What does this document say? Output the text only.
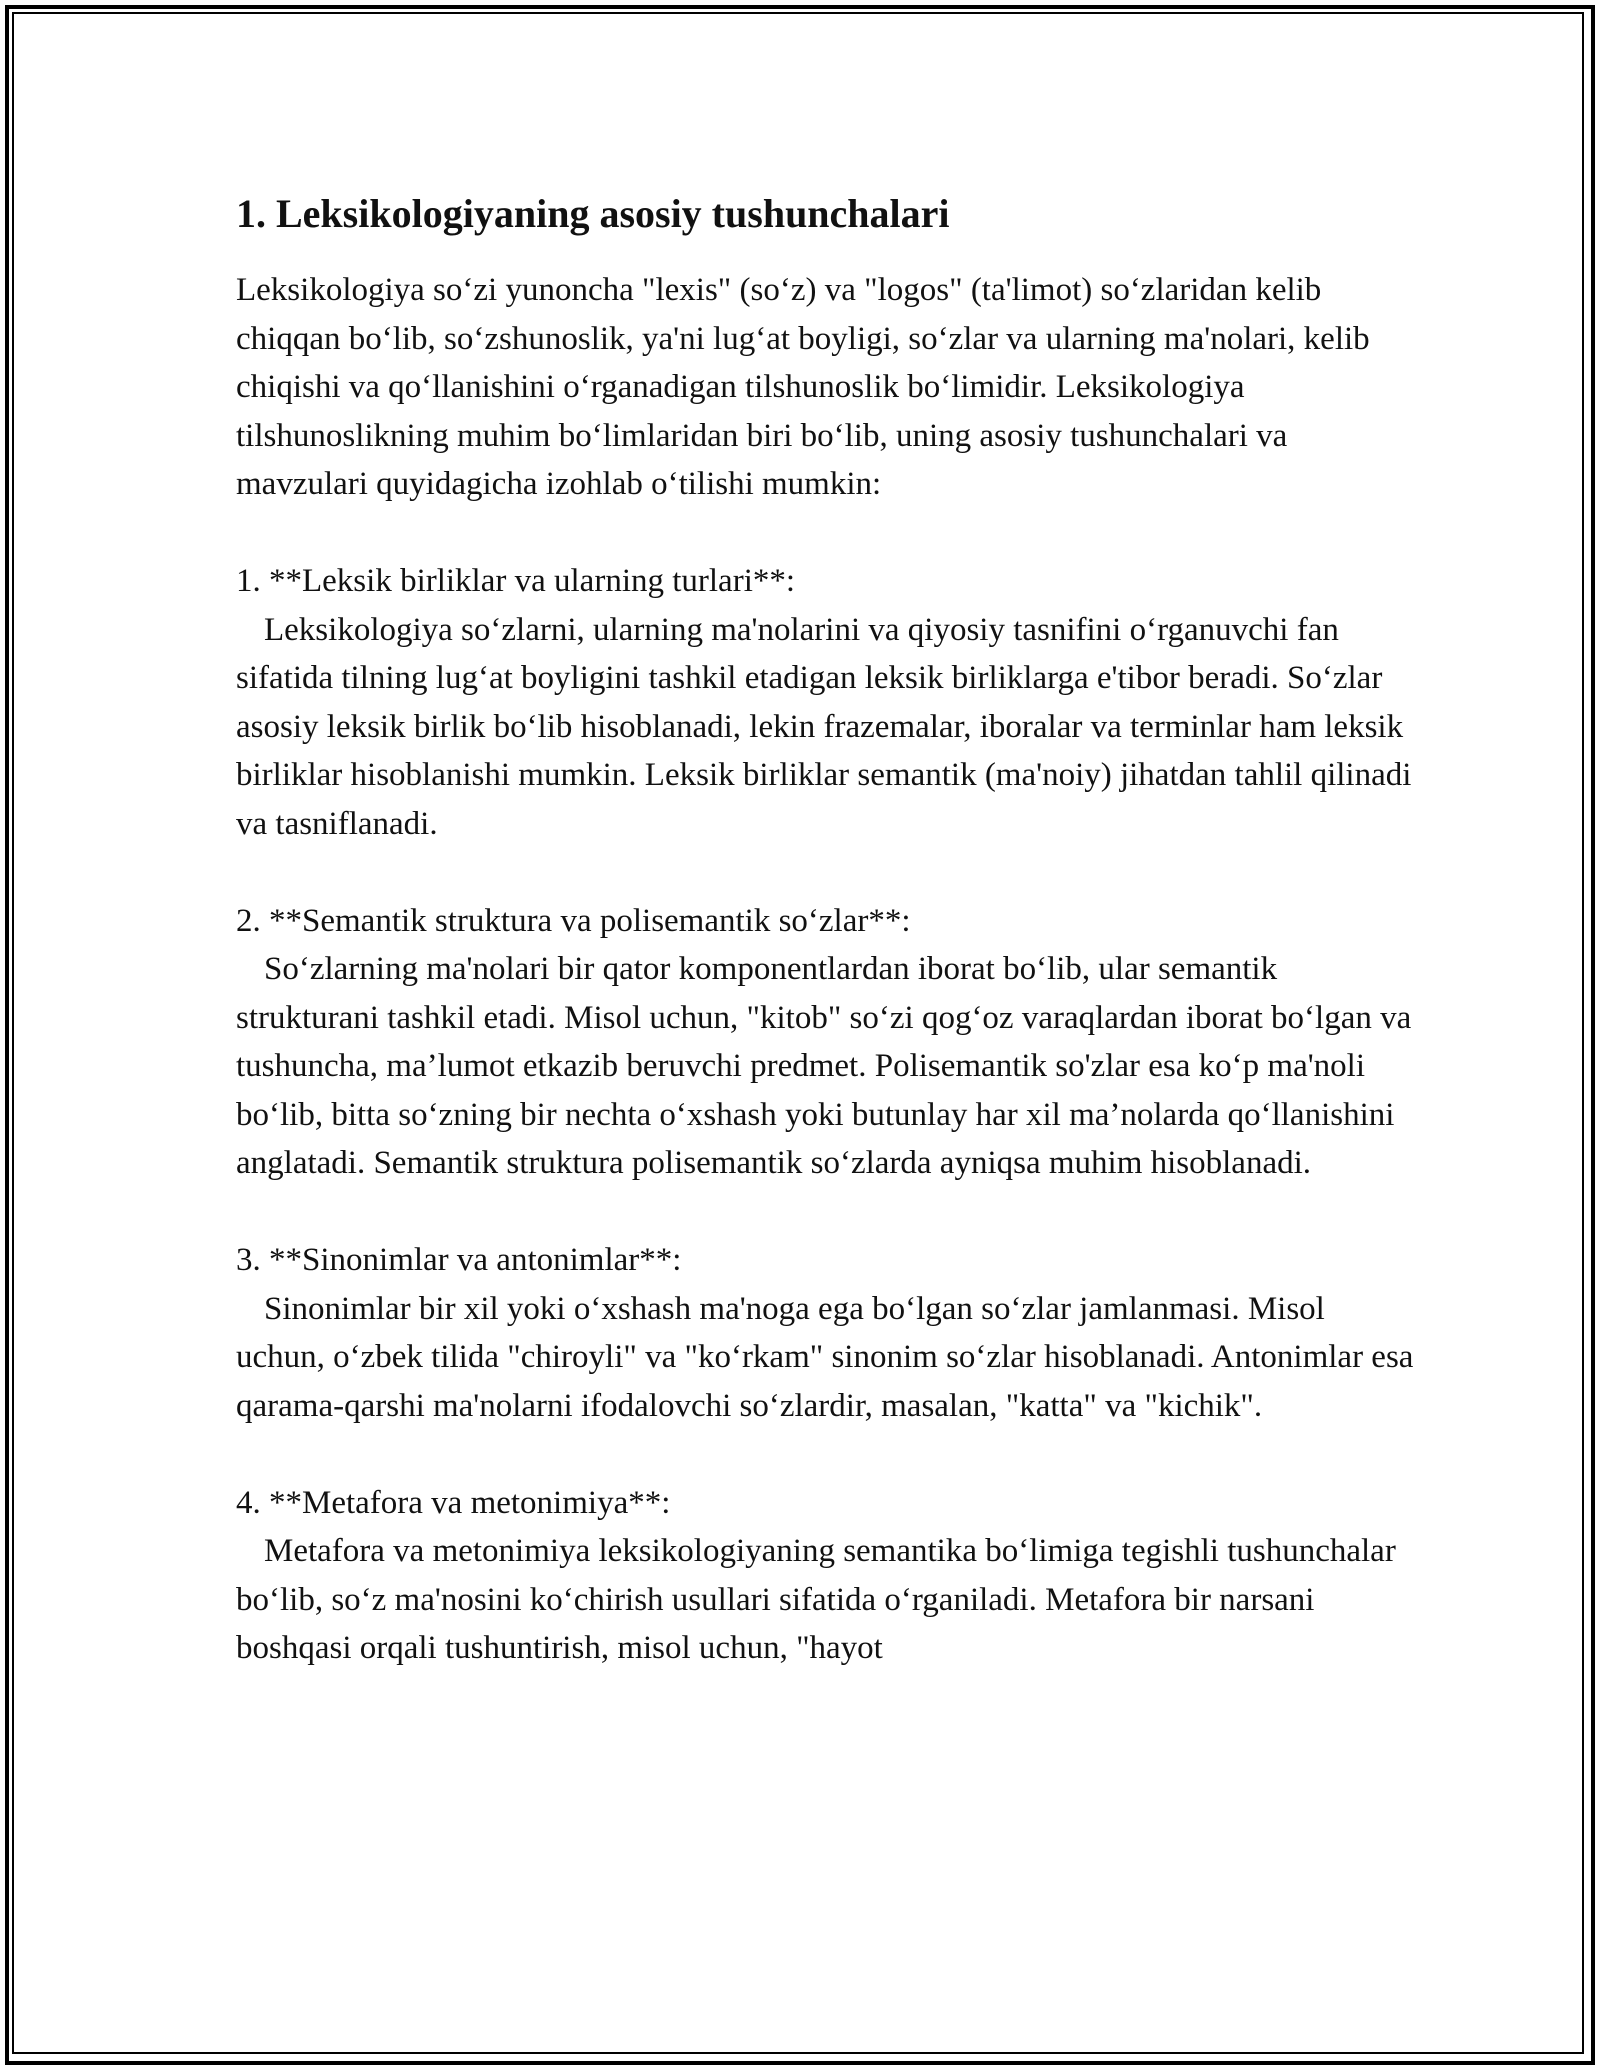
1. Leksikologiyaning asosiy tushunchalari

Leksikologiya so‘zi yunoncha "lexis" (so‘z) va "logos" (ta'limot) so‘zlaridan kelib chiqqan bo‘lib, so‘zshunoslik, ya'ni lug‘at boyligi, so‘zlar va ularning ma'nolari, kelib chiqishi va qo‘llanishini o‘rganadigan tilshunoslik bo‘limidir. Leksikologiya tilshunoslikning muhim bo‘limlaridan biri bo‘lib, uning asosiy tushunchalari va mavzulari quyidagicha izohlab o‘tilishi mumkin:

1. **Leksik birliklar va ularning turlari**:

Leksikologiya so‘zlarni, ularning ma'nolarini va qiyosiy tasnifini o‘rganuvchi fan sifatida tilning lug‘at boyligini tashkil etadigan leksik birliklarga e'tibor beradi. So‘zlar asosiy leksik birlik bo‘lib hisoblanadi, lekin frazemalar, iboralar va terminlar ham leksik birliklar hisoblanishi mumkin. Leksik birliklar semantik (ma'noiy) jihatdan tahlil qilinadi va tasniflanadi.

2. **Semantik struktura va polisemantik so‘zlar**:

So‘zlarning ma'nolari bir qator komponentlardan iborat bo‘lib, ular semantik strukturani tashkil etadi. Misol uchun, "kitob" so‘zi qog‘oz varaqlardan iborat bo‘lgan va tushuncha, ma’lumot etkazib beruvchi predmet. Polisemantik so'zlar esa ko‘p ma'noli bo‘lib, bitta so‘zning bir nechta o‘xshash yoki butunlay har xil ma’nolarda qo‘llanishini anglatadi. Semantik struktura polisemantik so‘zlarda ayniqsa muhim hisoblanadi.

3. **Sinonimlar va antonimlar**:

Sinonimlar bir xil yoki o‘xshash ma'noga ega bo‘lgan so‘zlar jamlanmasi. Misol uchun, o‘zbek tilida "chiroyli" va "ko‘rkam" sinonim so‘zlar hisoblanadi. Antonimlar esa qarama-qarshi ma'nolarni ifodalovchi so‘zlardir, masalan, "katta" va "kichik".

4. **Metafora va metonimiya**:

Metafora va metonimiya leksikologiyaning semantika bo‘limiga tegishli tushunchalar bo‘lib, so‘z ma'nosini ko‘chirish usullari sifatida o‘rganiladi. Metafora bir narsani boshqasi orqali tushuntirish, misol uchun, "hayot
